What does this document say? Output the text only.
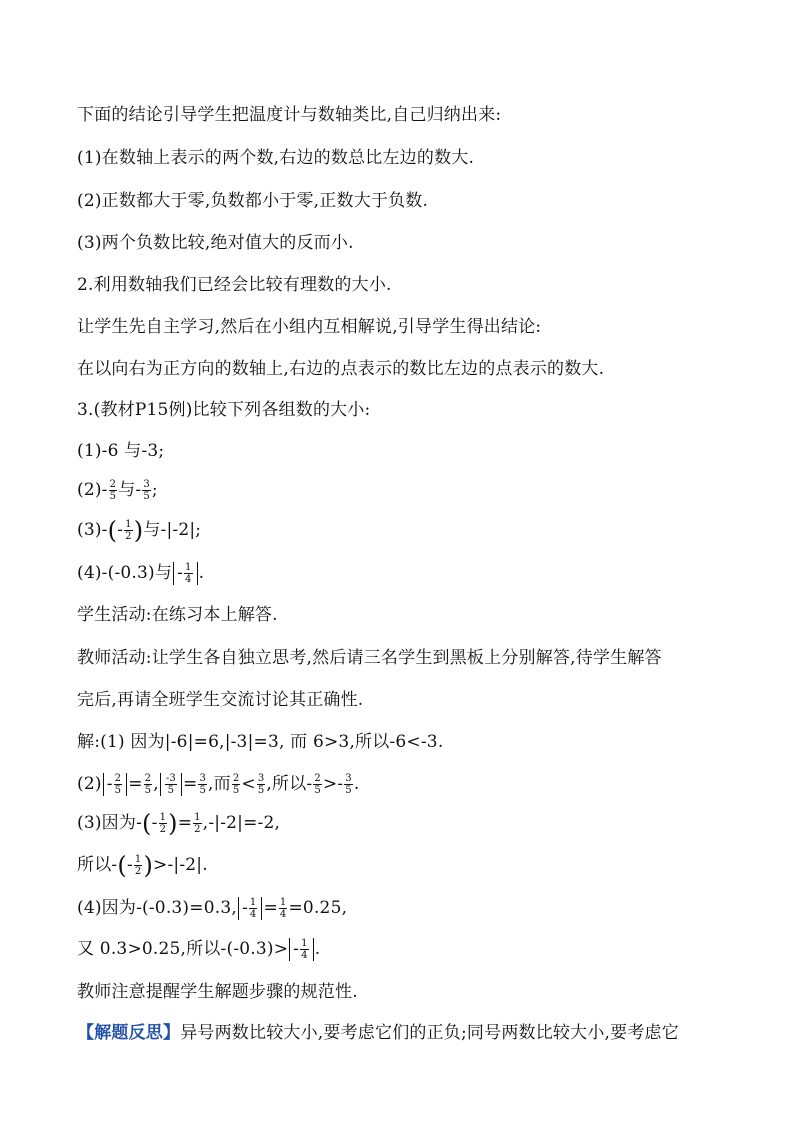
下面的结论引导学生把温度计与数轴类比,自己归纳出来:
(1)在数轴上表示的两个数,右边的数总比左边的数大.
(2)正数都大于零,负数都小于零,正数大于负数.
(3)两个负数比较,绝对值大的反而小.
2.利用数轴我们已经会比较有理数的大小.
让学生先自主学习,然后在小组内互相解说,引导学生得出结论:
在以向右为正方向的数轴上,右边的点表示的数比左边的点表示的数大.
3.(教材P15例)比较下列各组数的大小:
(1)-6 与-3;
$(2)- \frac{2}{5}$ 与- $\frac{3}{5}$ ;
$(3)-(- \frac{1}{2}$ )与-|-2|;
(4)-(-0.3)与 - $\frac{1}{4}$ .
学生活动:在练习本上解答.
教师活动:让学生各自独立思考,然后请三名学生到黑板上分别解答,待学生解答
完后,再请全班学生交流讨论其正确性.
解:(1) 因为|-6|=6,|-3|=3, 而 6>3,所以-6<-3.
$(2) - \frac{2}{5} = \frac{2}{5}$ , $\frac{-3}{5} = \frac{3}{5}$ ,而 $\frac{2}{5} < \frac{3}{5}$ ,所以- $\frac{2}{5} >- \frac{3}{5}$ .
(3)因为-(- $\frac{1}{2}$ )= $\frac{1}{2} ,-|-2|=-2$,
所以-(- $\frac{1}{2} )>-|-2|$.
(4)因为-(-0.3)=0.3, - $\frac{1}{4} = \frac{1}{4} =0.25$,
又 0.3>0.25,所以$-(-0.3)> - \frac{1}{4}$ .
教师注意提醒学生解题步骤的规范性.
【解题反思】异号两数比较大小,要考虑它们的正负;同号两数比较大小,要考虑它
